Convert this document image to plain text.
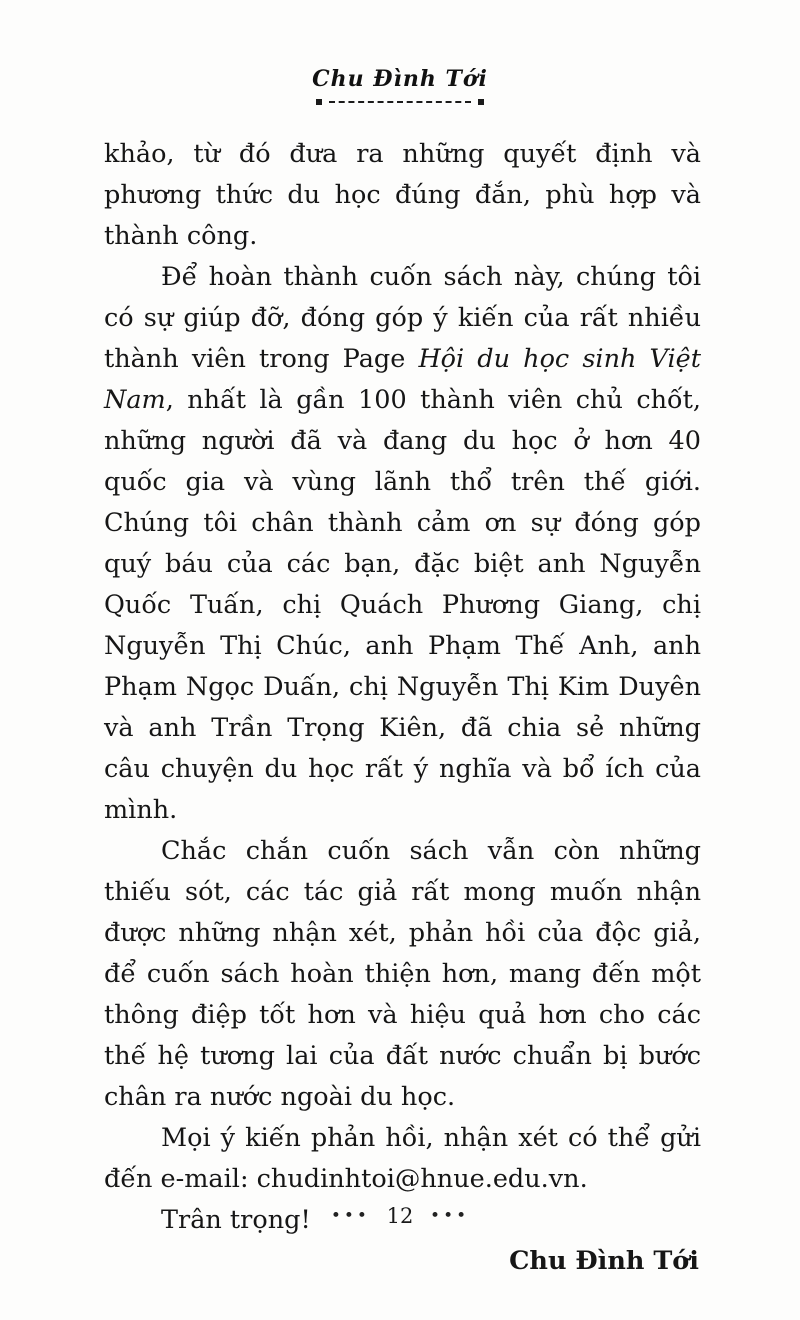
Chu Đình Tới

khảo, từ đó đưa ra những quyết định và phương thức du học đúng đắn, phù hợp và thành công.

Để hoàn thành cuốn sách này, chúng tôi có sự giúp đỡ, đóng góp ý kiến của rất nhiều thành viên trong Page Hội du học sinh Việt Nam, nhất là gần 100 thành viên chủ chốt, những người đã và đang du học ở hơn 40 quốc gia và vùng lãnh thổ trên thế giới. Chúng tôi chân thành cảm ơn sự đóng góp quý báu của các bạn, đặc biệt anh Nguyễn Quốc Tuấn, chị Quách Phương Giang, chị Nguyễn Thị Chúc, anh Phạm Thế Anh, anh Phạm Ngọc Duấn, chị Nguyễn Thị Kim Duyên và anh Trần Trọng Kiên, đã chia sẻ những câu chuyện du học rất ý nghĩa và bổ ích của mình.

Chắc chắn cuốn sách vẫn còn những thiếu sót, các tác giả rất mong muốn nhận được những nhận xét, phản hồi của độc giả, để cuốn sách hoàn thiện hơn, mang đến một thông điệp tốt hơn và hiệu quả hơn cho các thế hệ tương lai của đất nước chuẩn bị bước chân ra nước ngoài du học.

Mọi ý kiến phản hồi, nhận xét có thể gửi đến e-mail: chudinhtoi@hnue.edu.vn.

Trân trọng!

Chu Đình Tới

••• 12 •••
